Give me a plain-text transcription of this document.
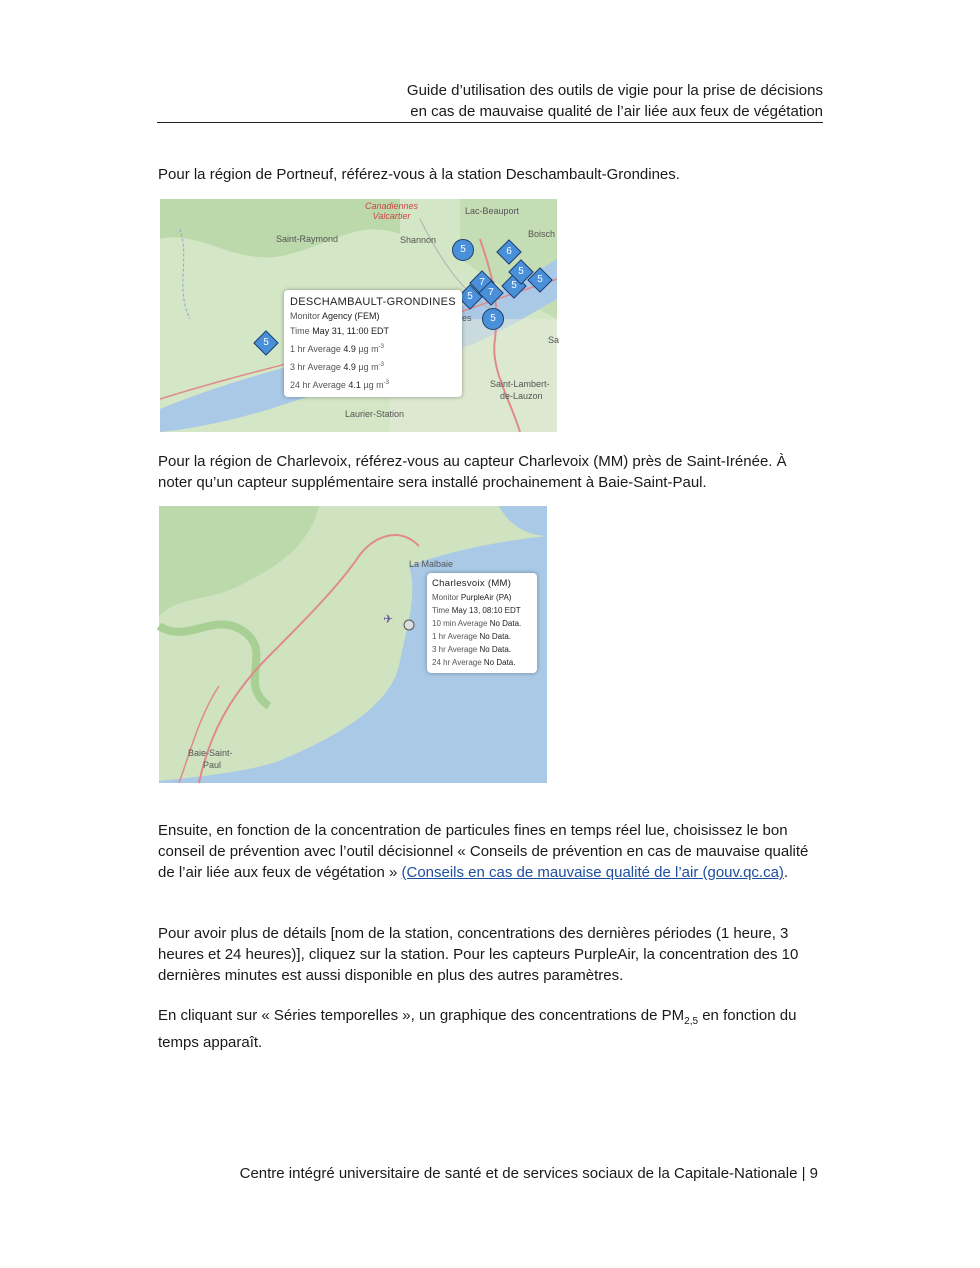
Guide d’utilisation des outils de vigie pour la prise de décisions
en cas de mauvaise qualité de l’air liée aux feux de végétation
Pour la région de Portneuf, référez-vous à la station Deschambault-Grondines.
Canadiennes
Valcartier	Lac-Beauport
Saint-Raymond	Shannon
Boisch
Saint-Lambert-
de-Lauzon
Laurier-Station
Sa
es
5	6
7
7
5
5
5
5
5
5
DESCHAMBAULT-GRONDINES
Monitor Agency (FEM)
Time May 31, 11:00 EDT
1 hr Average 4.9 µg $m^{-3}$
3 hr Average 4.9 µg $m^{-3}$
24 hr Average 4.1 µg $m^{-3}$
Pour la région de Charlevoix, référez-vous au capteur Charlevoix (MM) près de Saint-Irénée. À
noter qu’un capteur supplémentaire sera installé prochainement à Baie-Saint-Paul.
✈
La Malbaie
Baie-Saint-
Paul
Charlesvoix (MM)
Monitor PurpleAir (PA)
Time May 13, 08:10 EDT
10 min Average No Data.
1 hr Average No Data.
3 hr Average No Data.
24 hr Average No Data.
Ensuite, en fonction de la concentration de particules fines en temps réel lue, choisissez le bon conseil de prévention avec l’outil décisionnel « Conseils de prévention en cas de mauvaise qualité de l’air liée aux feux de végétation » (Conseils en cas de mauvaise qualité de l’air (gouv.qc.ca).
Pour avoir plus de détails [nom de la station, concentrations des dernières périodes (1 heure, 3 heures et 24 heures)], cliquez sur la station. Pour les capteurs PurpleAir, la concentration des 10 dernières minutes est aussi disponible en plus des autres paramètres.
En cliquant sur « Séries temporelles », un graphique des concentrations de $PM_{2,5}$ en fonction du temps apparaît.
Centre intégré universitaire de santé et de services sociaux de la Capitale-Nationale | 9
